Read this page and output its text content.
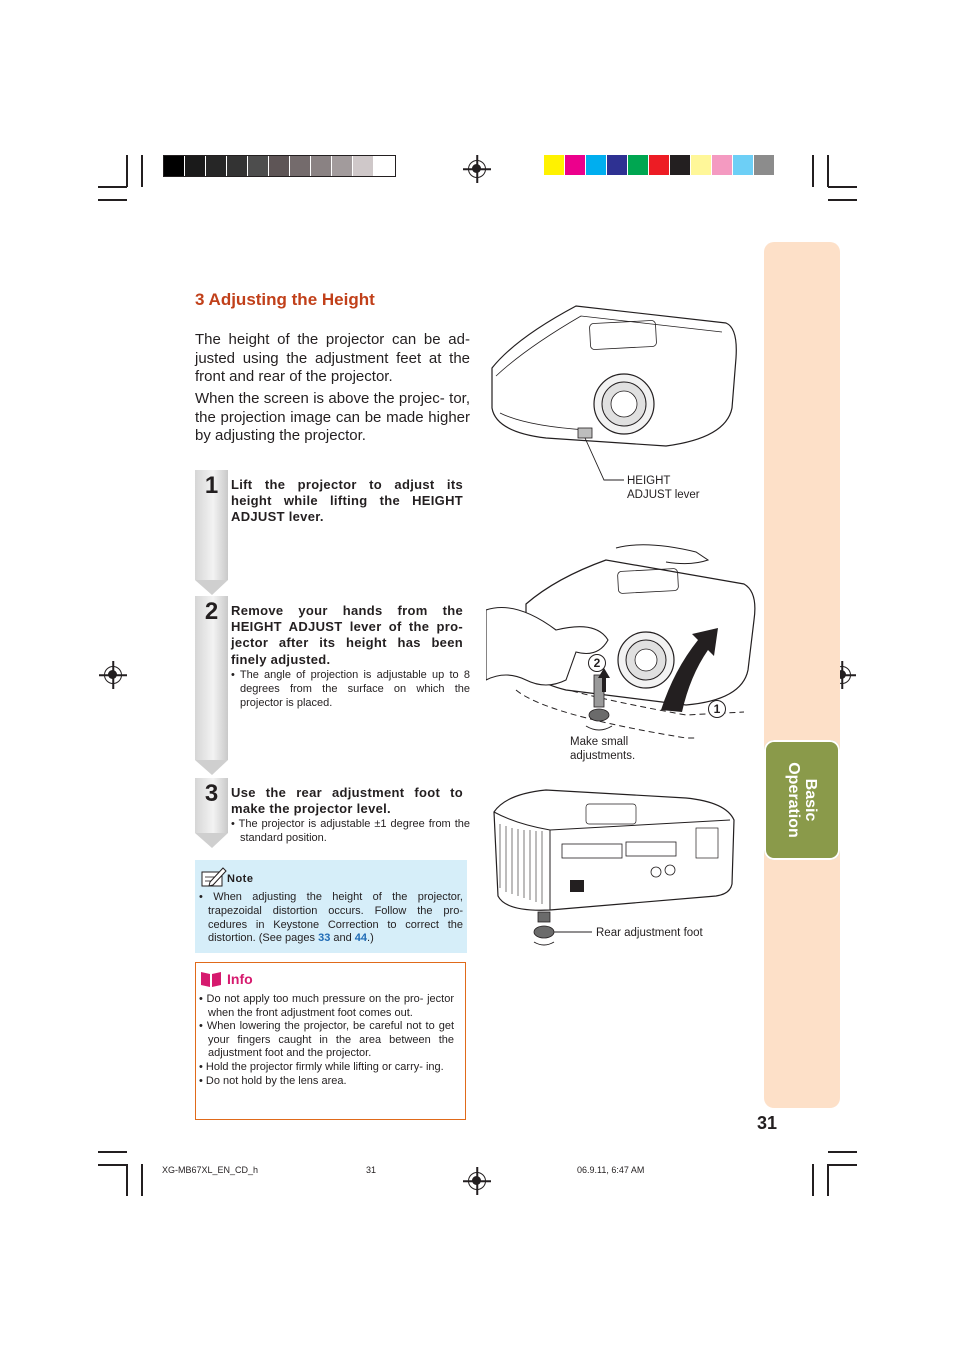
Basic
Operation
3 Adjusting the Height

The height of the projector can be ad- justed using the adjustment feet at the front and rear of the projector.

When the screen is above the projec- tor, the projection image can be made higher by adjusting the projector.

1 Lift the projector to adjust its height while lifting the HEIGHT ADJUST lever.

2 Remove your hands from the HEIGHT ADJUST lever of the pro- jector after its height has been finely adjusted.

• The angle of projection is adjustable up to 8 degrees from the surface on which the projector is placed.

3 Use the rear adjustment foot to make the projector level.

• The projector is adjustable ±1 degree from the standard position.

Note

• When adjusting the height of the projector, trapezoidal distortion occurs. Follow the pro- cedures in Keystone Correction to correct the distortion. (See pages 33 and 44.)

Info
• Do not apply too much pressure on the pro- jector when the front adjustment foot comes out.
• When lowering the projector, be careful not to get your fingers caught in the area between the adjustment foot and the projector.
• Hold the projector firmly while lifting or carry- ing.
• Do not hold by the lens area.
HEIGHT
ADJUST lever
2
1
Make small
adjustments.
Rear adjustment foot
31
XG-MB67XL_EN_CD_h	31	06.9.11, 6:47 AM
